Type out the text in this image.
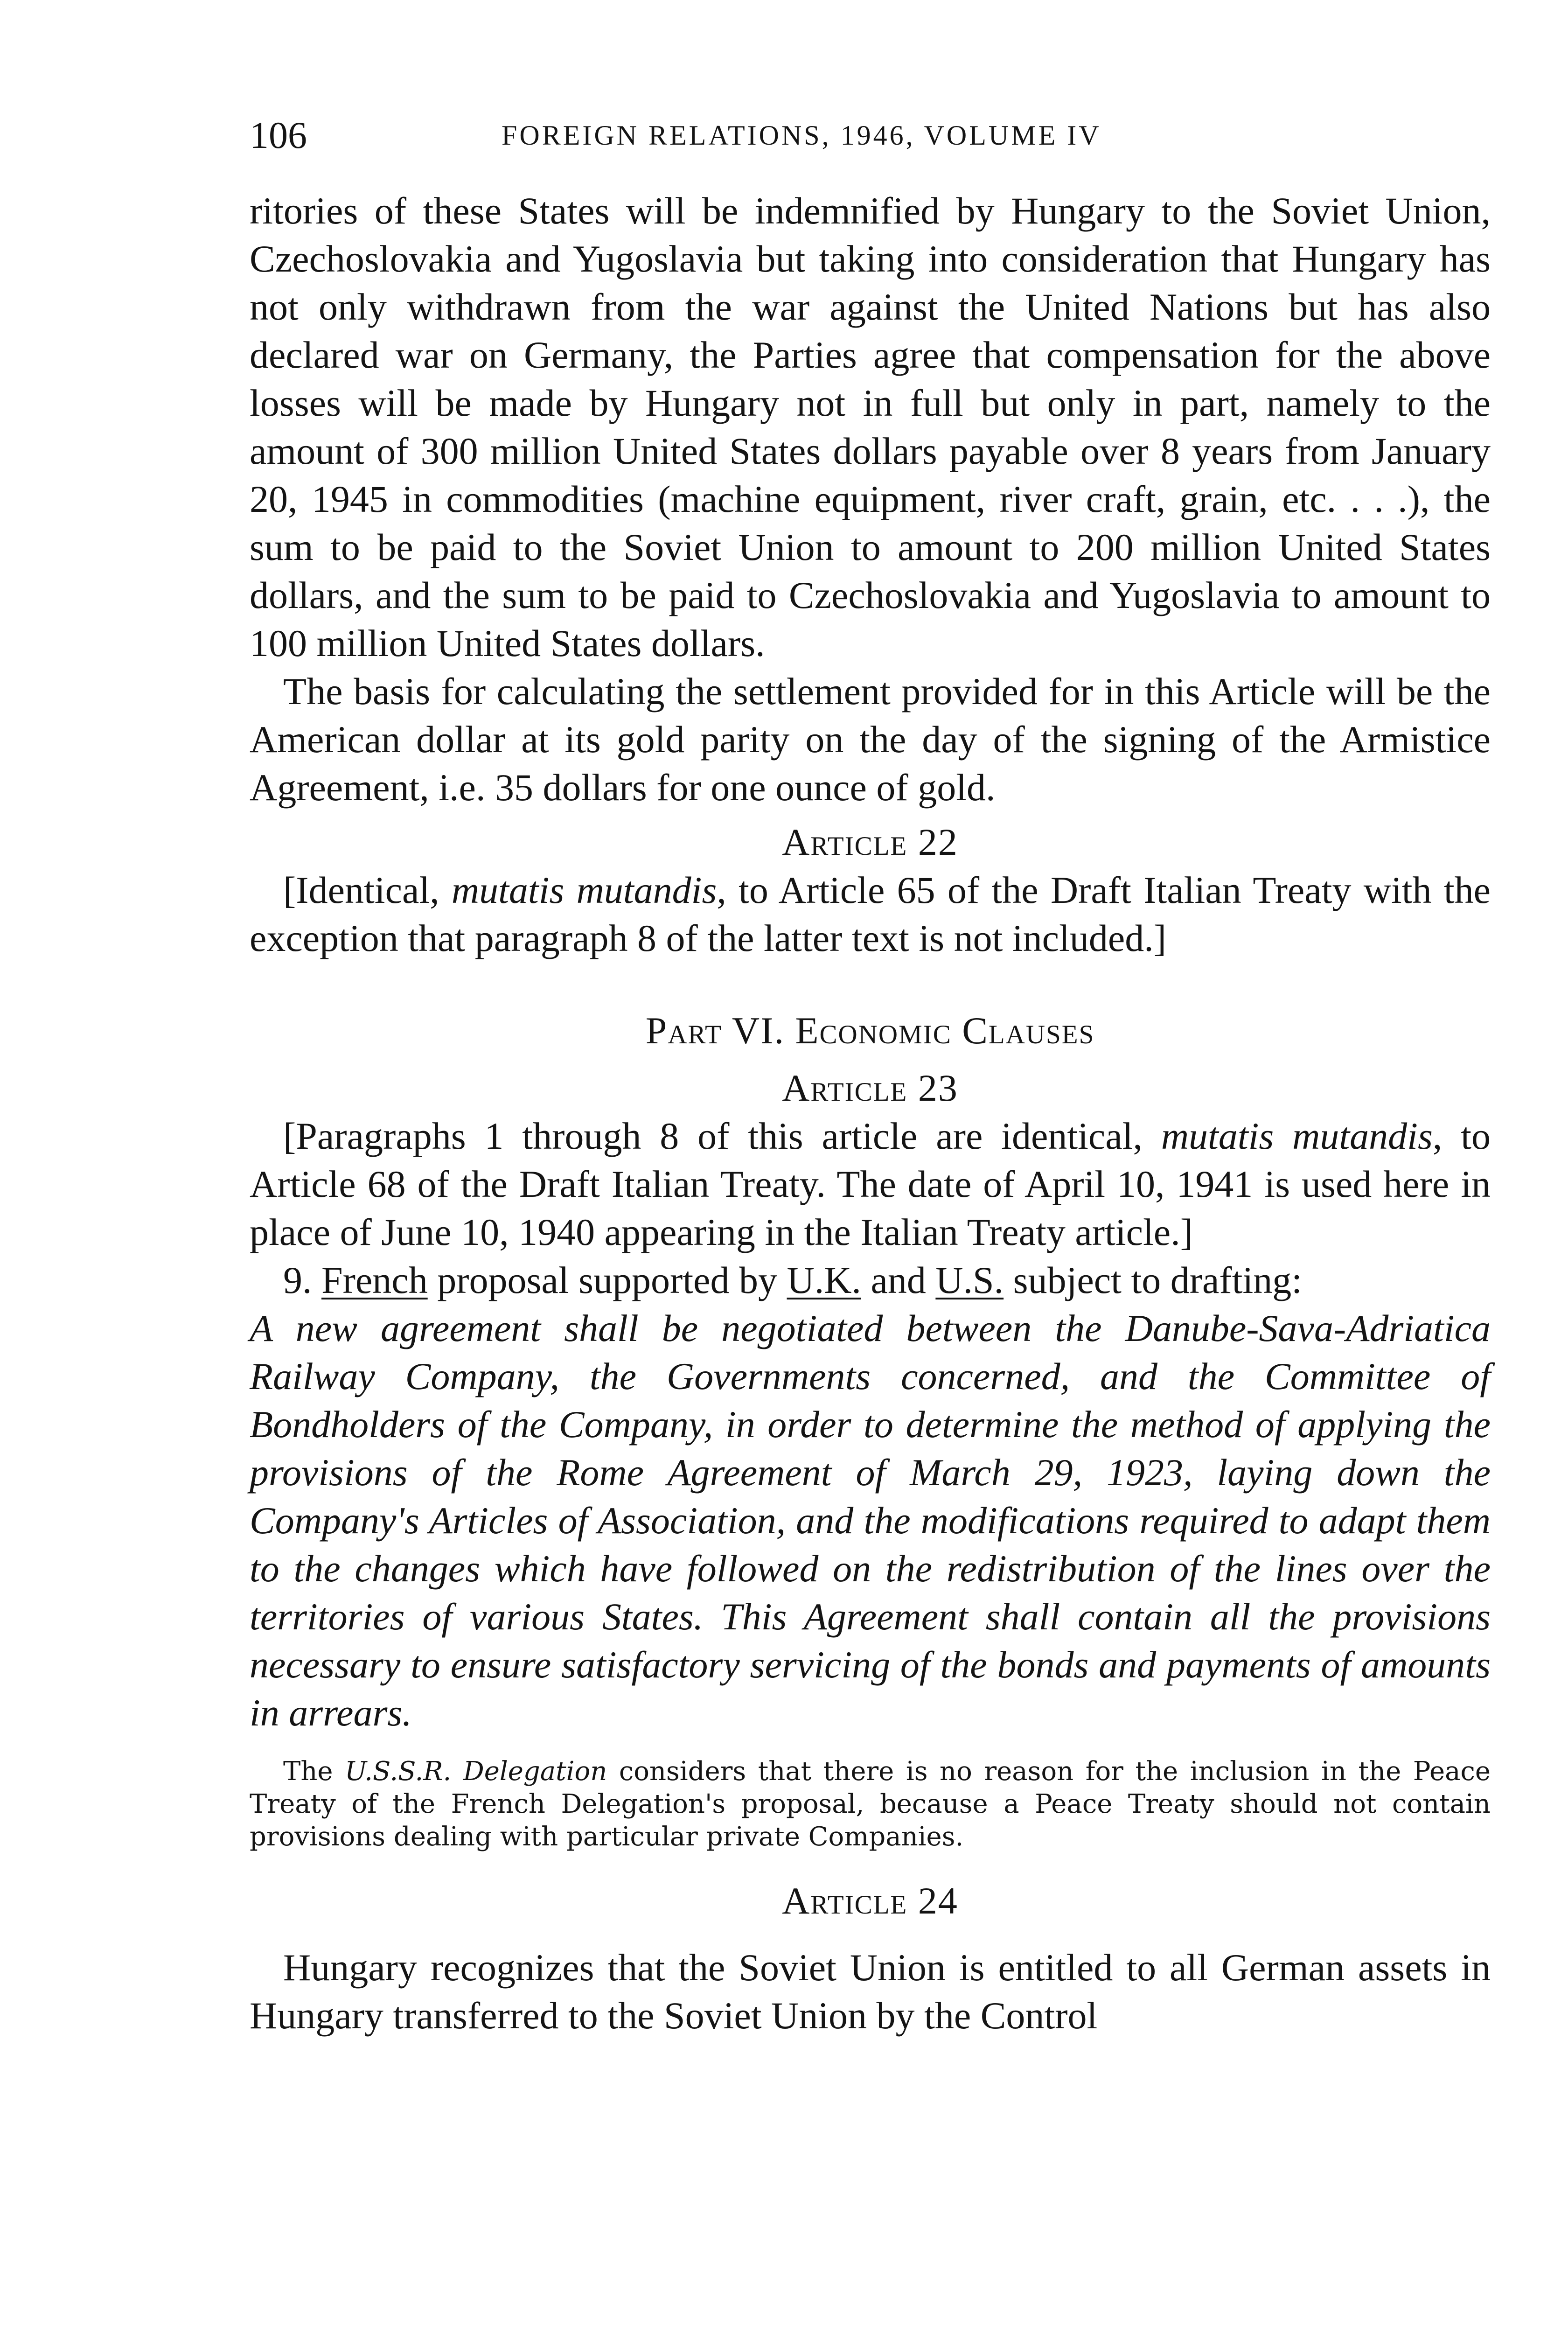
106	FOREIGN RELATIONS, 1946, VOLUME IV

ritories of these States will be indemnified by Hungary to the Soviet Union, Czechoslovakia and Yugoslavia but taking into consideration that Hungary has not only withdrawn from the war against the United Nations but has also declared war on Germany, the Parties agree that compensation for the above losses will be made by Hungary not in full but only in part, namely to the amount of 300 million United States dollars payable over 8 years from January 20, 1945 in commodities (machine equipment, river craft, grain, etc. . . .), the sum to be paid to the Soviet Union to amount to 200 million United States dollars, and the sum to be paid to Czechoslovakia and Yugoslavia to amount to 100 million United States dollars.

The basis for calculating the settlement provided for in this Article will be the American dollar at its gold parity on the day of the signing of the Armistice Agreement, i.e. 35 dollars for one ounce of gold.

Article 22

[Identical, mutatis mutandis, to Article 65 of the Draft Italian Treaty with the exception that paragraph 8 of the latter text is not included.]

Part VI. Economic Clauses
Article 23

[Paragraphs 1 through 8 of this article are identical, mutatis mutandis, to Article 68 of the Draft Italian Treaty. The date of April 10, 1941 is used here in place of June 10, 1940 appearing in the Italian Treaty article.]

9. French proposal supported by U.K. and U.S. subject to drafting:

A new agreement shall be negotiated between the Danube-Sava-Adriatica Railway Company, the Governments concerned, and the Committee of Bondholders of the Company, in order to determine the method of applying the provisions of the Rome Agreement of March 29, 1923, laying down the Company's Articles of Association, and the modifications required to adapt them to the changes which have followed on the redistribution of the lines over the territories of various States. This Agreement shall contain all the provisions necessary to ensure satisfactory servicing of the bonds and payments of amounts in arrears.

The U.S.S.R. Delegation considers that there is no reason for the inclusion in the Peace Treaty of the French Delegation's proposal, because a Peace Treaty should not contain provisions dealing with particular private Companies.

Article 24

Hungary recognizes that the Soviet Union is entitled to all German assets in Hungary transferred to the Soviet Union by the Control
